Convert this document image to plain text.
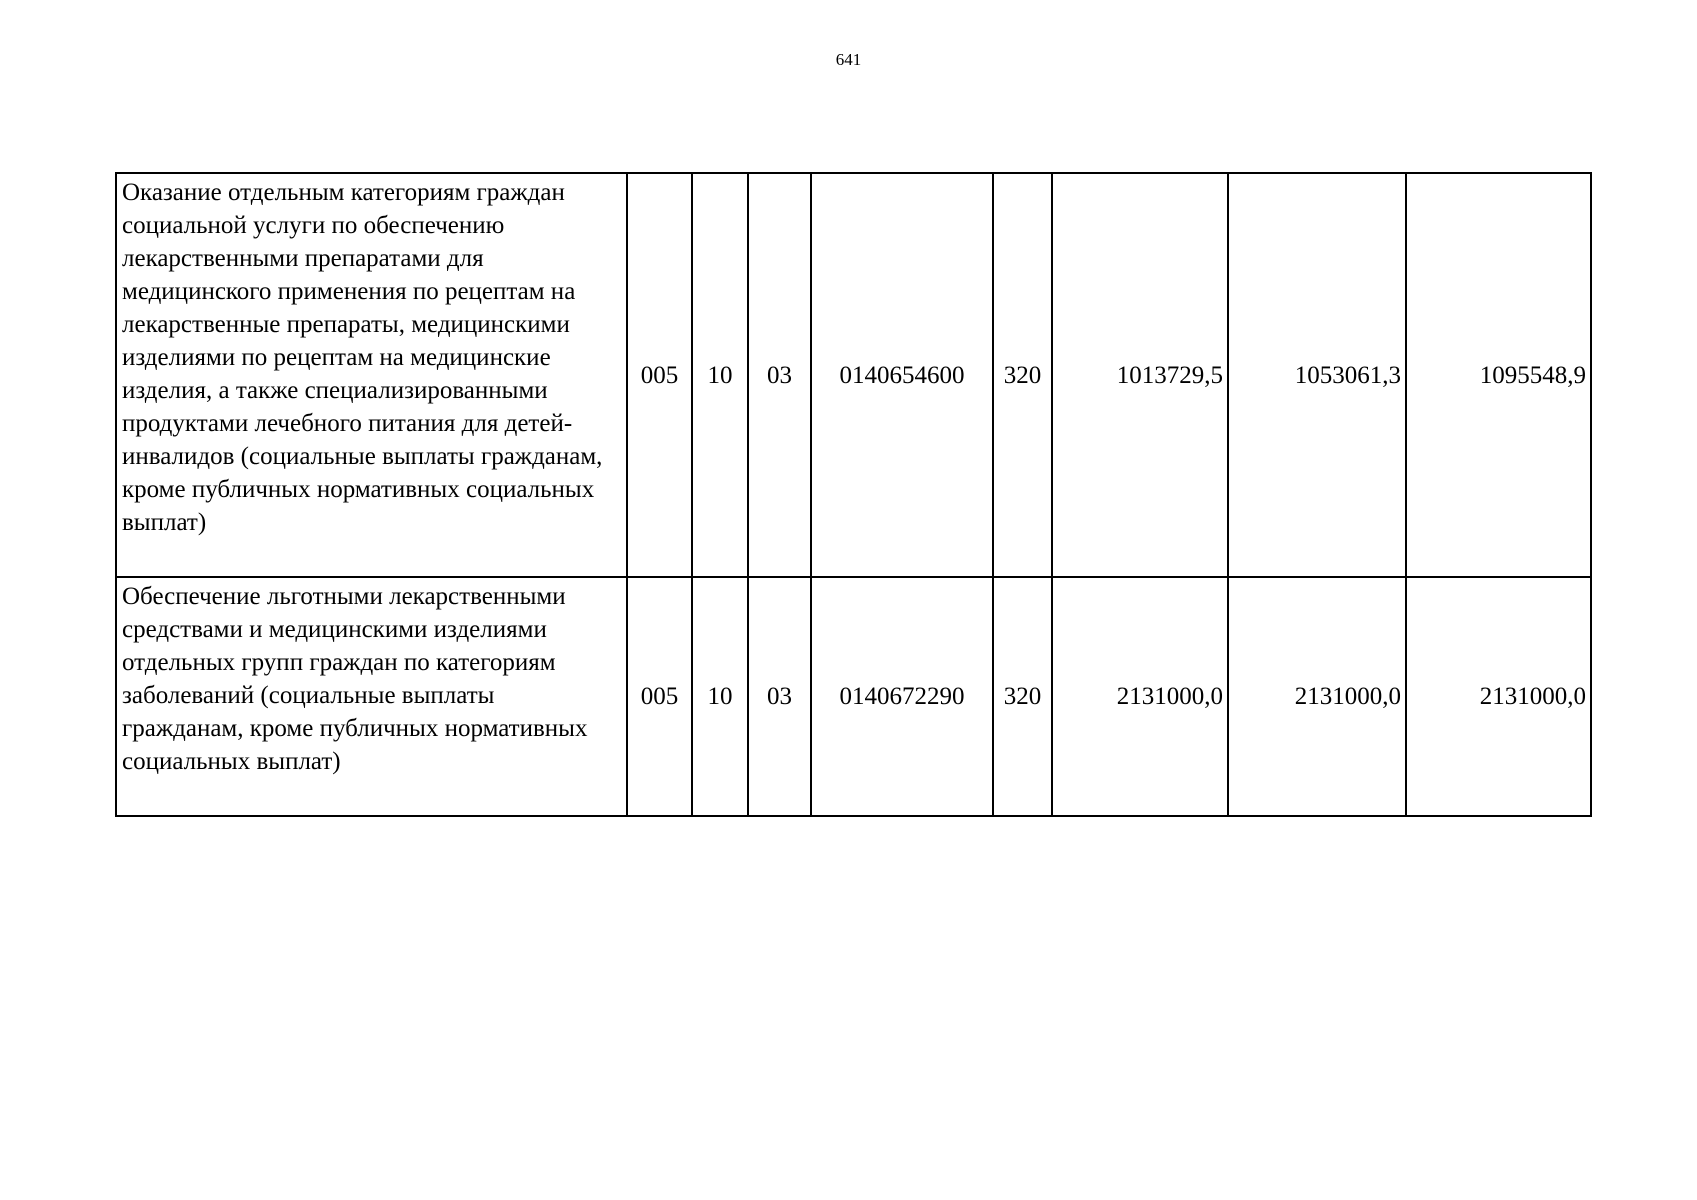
641
Оказание отдельным категориям граждан социальной услуги по обеспечению лекарственными препаратами для медицинского применения по рецептам на лекарственные препараты, медицинскими изделиями по рецептам на медицинские изделия, а также специализированными продуктами лечебного питания для детей-инвалидов (социальные выплаты гражданам, кроме публичных нормативных социальных выплат)	005	10	03	0140654600	320	1013729,5	1053061,3	1095548,9
Обеспечение льготными лекарственными средствами и медицинскими изделиями отдельных групп граждан по категориям заболеваний (социальные выплаты гражданам, кроме публичных нормативных социальных выплат)	005	10	03	0140672290	320	2131000,0	2131000,0	2131000,0
